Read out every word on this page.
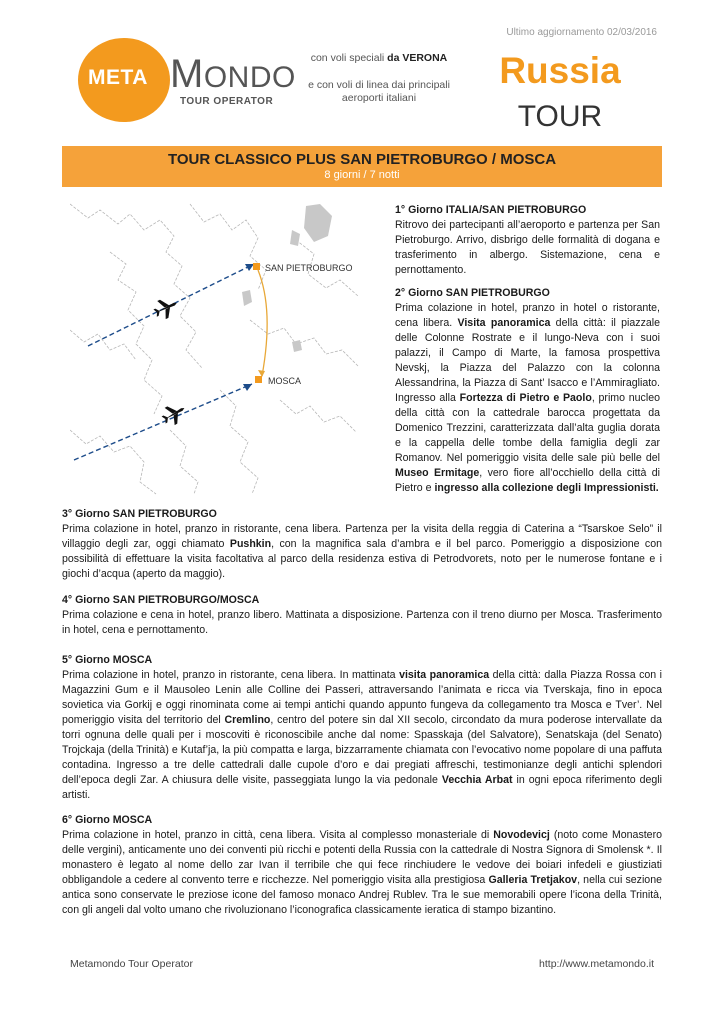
Ultimo aggiornamento 02/03/2016
META MONDO
TOUR OPERATOR
con voli speciali da VERONA
e con voli di linea dai principali aeroporti italiani
Russia
TOUR
TOUR CLASSICO PLUS SAN PIETROBURGO / MOSCA
8 giorni / 7 notti
SAN PIETROBURGO
MOSCA
1° Giorno ITALIA/SAN PIETROBURGO
Ritrovo dei partecipanti all’aeroporto e partenza per San Pietroburgo. Arrivo, disbrigo delle formalità di dogana e trasferimento in albergo. Sistemazione, cena e pernottamento.
2° Giorno SAN PIETROBURGO
Prima colazione in hotel, pranzo in hotel o ristorante, cena libera. Visita panoramica della città: il piazzale delle Colonne Rostrate e il lungo-Neva con i suoi palazzi, il Campo di Marte, la famosa prospettiva Nevskj, la Piazza del Palazzo con la colonna Alessandrina, la Piazza di Sant’ Isacco e l’Ammiragliato. Ingresso alla Fortezza di Pietro e Paolo, primo nucleo della città con la cattedrale barocca progettata da Domenico Trezzini, caratterizzata dall’alta guglia dorata e la cappella delle tombe della famiglia degli zar Romanov. Nel pomeriggio visita delle sale più belle del Museo Ermitage, vero fiore all’occhiello della città di Pietro e ingresso alla collezione degli Impressionisti.
3° Giorno SAN PIETROBURGO
Prima colazione in hotel, pranzo in ristorante, cena libera. Partenza per la visita della reggia di Caterina a “Tsarskoe Selo” il villaggio degli zar, oggi chiamato Pushkin, con la magnifica sala d’ambra e il bel parco. Pomeriggio a disposizione con possibilità di effettuare la visita facoltativa al parco della residenza estiva di Petrodvorets, noto per le numerose fontane e i giochi d’acqua (aperto da maggio).
4° Giorno SAN PIETROBURGO/MOSCA
Prima colazione e cena in hotel, pranzo libero. Mattinata a disposizione. Partenza con il treno diurno per Mosca. Trasferimento in hotel, cena e pernottamento.
5° Giorno MOSCA
Prima colazione in hotel, pranzo in ristorante, cena libera. In mattinata visita panoramica della città: dalla Piazza Rossa con i Magazzini Gum e il Mausoleo Lenin alle Colline dei Passeri, attraversando l’animata e ricca via Tverskaja, fino in epoca sovietica via Gorkij e oggi rinominata come ai tempi antichi quando appunto fungeva da collegamento tra Mosca e Tver’. Nel pomeriggio visita del territorio del Cremlino, centro del potere sin dal XII secolo, circondato da mura poderose intervallate da torri ognuna delle quali per i moscoviti è riconoscibile anche dal nome: Spasskaja (del Salvatore), Senatskaja (del Senato) Trojckaja (della Trinità) e Kutaf’ja, la più compatta e larga, bizzarramente chiamata con l’evocativo nome popolare di una paffuta contadina. Ingresso a tre delle cattedrali dalle cupole d’oro e dai pregiati affreschi, testimonianze degli antichi splendori dell’epoca degli Zar. A chiusura delle visite, passeggiata lungo la via pedonale Vecchia Arbat in ogni epoca riferimento degli artisti.
6° Giorno MOSCA
Prima colazione in hotel, pranzo in città, cena libera. Visita al complesso monasteriale di Novodevicj (noto come Monastero delle vergini), anticamente uno dei conventi più ricchi e potenti della Russia con la cattedrale di Nostra Signora di Smolensk *. Il monastero è legato al nome dello zar Ivan il terribile che qui fece rinchiudere le vedove dei boiari infedeli e giustiziati obbligandole a cedere al convento terre e ricchezze. Nel pomeriggio visita alla prestigiosa Galleria Tretjakov, nella cui sezione antica sono conservate le preziose icone del famoso monaco Andrej Rublev. Tra le sue memorabili opere l’icona della Trinità, con gli angeli dal volto umano che rivoluzionano l’iconografica classicamente ieratica di stampo bizantino.
Metamondo Tour Operator	http://www.metamondo.it
